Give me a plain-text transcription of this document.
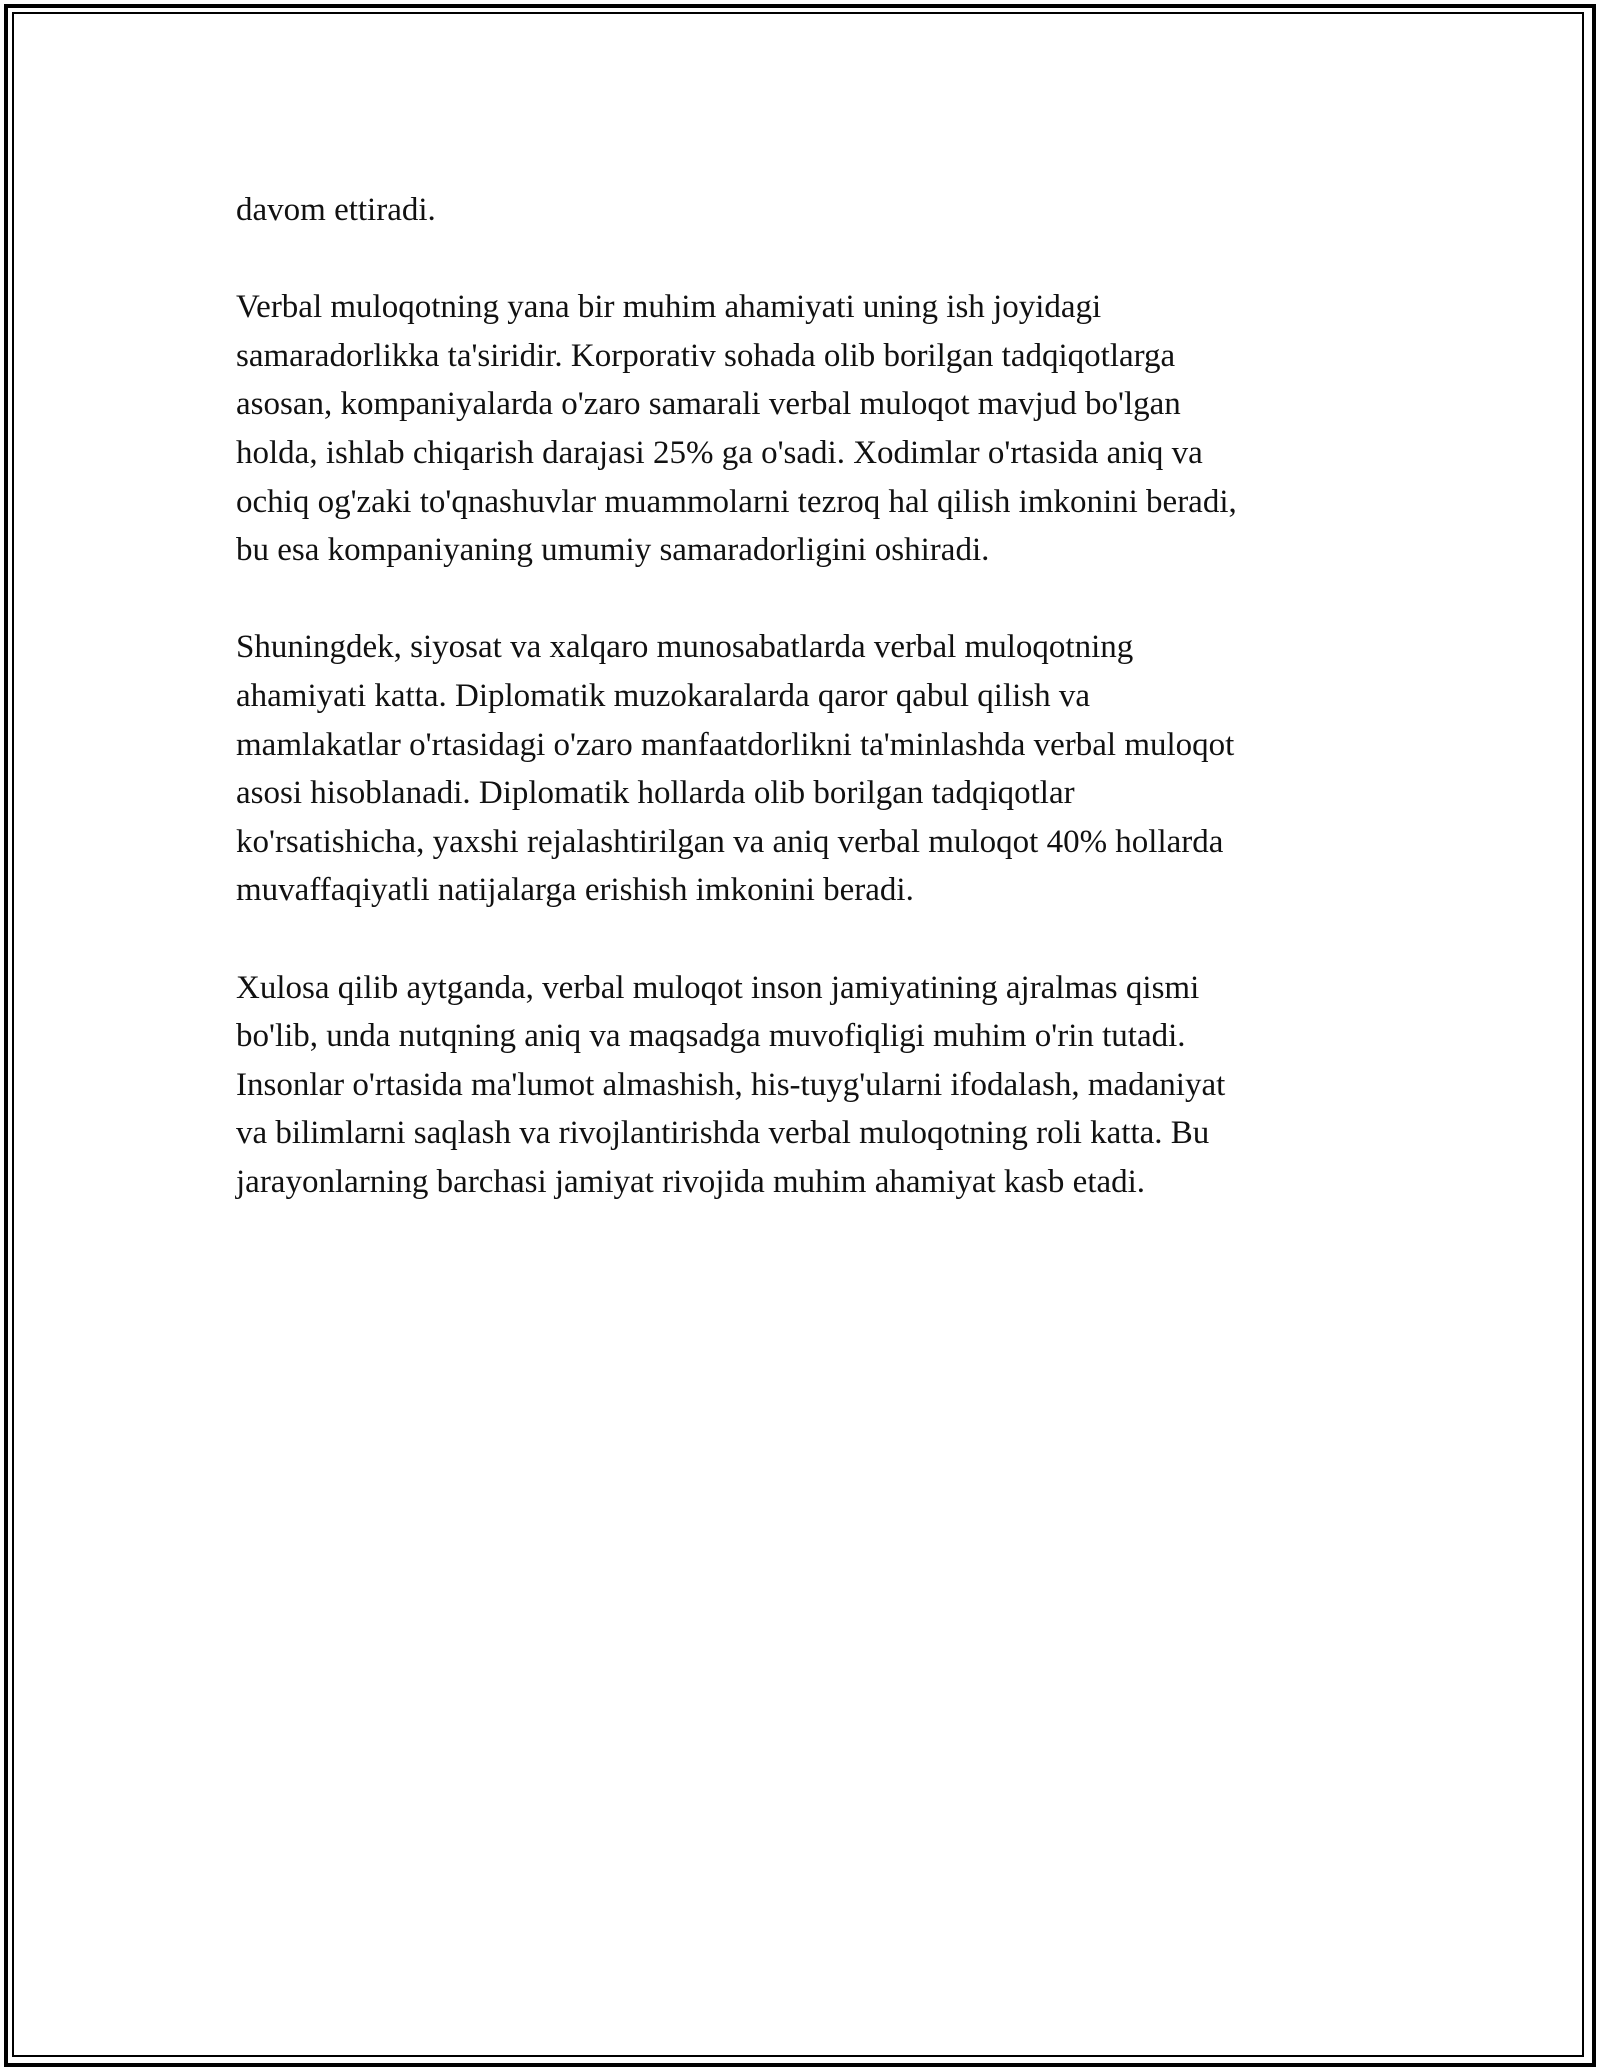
davom ettiradi.

Verbal muloqotning yana bir muhim ahamiyati uning ish joyidagi
samaradorlikka ta'siridir. Korporativ sohada olib borilgan tadqiqotlarga
asosan, kompaniyalarda o'zaro samarali verbal muloqot mavjud bo'lgan
holda, ishlab chiqarish darajasi 25% ga o'sadi. Xodimlar o'rtasida aniq va
ochiq og'zaki to'qnashuvlar muammolarni tezroq hal qilish imkonini beradi,
bu esa kompaniyaning umumiy samaradorligini oshiradi.

Shuningdek, siyosat va xalqaro munosabatlarda verbal muloqotning
ahamiyati katta. Diplomatik muzokaralarda qaror qabul qilish va
mamlakatlar o'rtasidagi o'zaro manfaatdorlikni ta'minlashda verbal muloqot
asosi hisoblanadi. Diplomatik hollarda olib borilgan tadqiqotlar
ko'rsatishicha, yaxshi rejalashtirilgan va aniq verbal muloqot 40% hollarda
muvaffaqiyatli natijalarga erishish imkonini beradi.

Xulosa qilib aytganda, verbal muloqot inson jamiyatining ajralmas qismi
bo'lib, unda nutqning aniq va maqsadga muvofiqligi muhim o'rin tutadi.
Insonlar o'rtasida ma'lumot almashish, his-tuyg'ularni ifodalash, madaniyat
va bilimlarni saqlash va rivojlantirishda verbal muloqotning roli katta. Bu
jarayonlarning barchasi jamiyat rivojida muhim ahamiyat kasb etadi.
